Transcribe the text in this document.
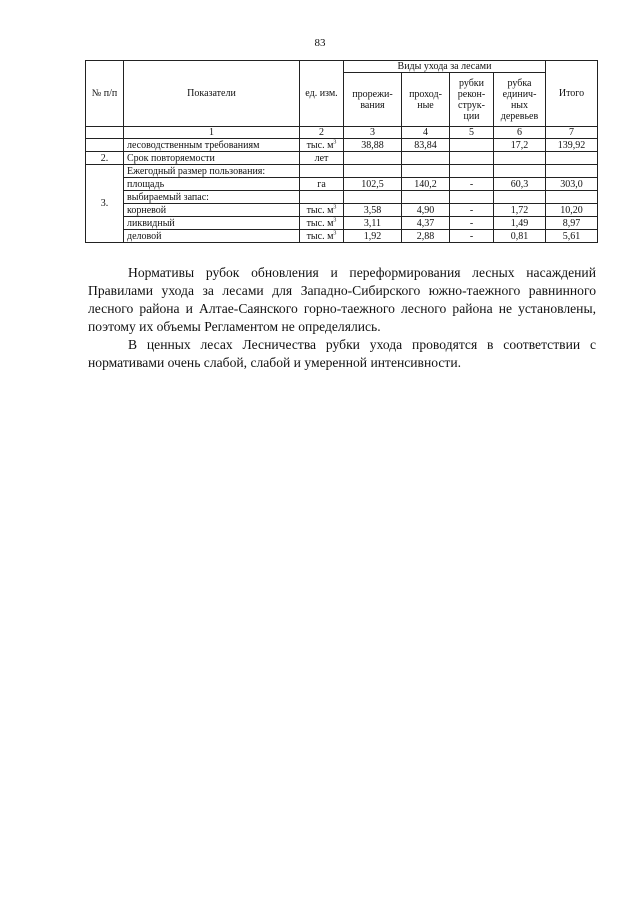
83
№ п/п	Показатели	ед. изм.	Виды ухода за лесами				Итого
			прорежи-вания	проход-ные	рубки рекон-струк-ции	рубка единич-ных деревьев	
	1	2	3	4	5	6	7
	лесоводственным требованиям	тыс. $м^3$	38,88	83,84		17,2	139,92
2.	Срок повторяемости	лет					
3.	Ежегодный размер пользования:						
	площадь	га	102,5	140,2	-	60,3	303,0
	выбираемый запас:						
	корневой	тыс. $м^3$	3,58	4,90	-	1,72	10,20
	ликвидный	тыс. $м^3$	3,11	4,37	-	1,49	8,97
	деловой	тыс. $м^3$	1,92	2,88	-	0,81	5,61

Нормативы рубок обновления и переформирования лесных насаждений Правилами ухода за лесами для Западно-Сибирского южно-таежного равнинного лесного района и Алтае-Саянского горно-таежного лесного района не установлены, поэтому их объемы Регламентом не определялись.

В ценных лесах Лесничества рубки ухода проводятся в соответствии с нормативами очень слабой, слабой и умеренной интенсивности.
